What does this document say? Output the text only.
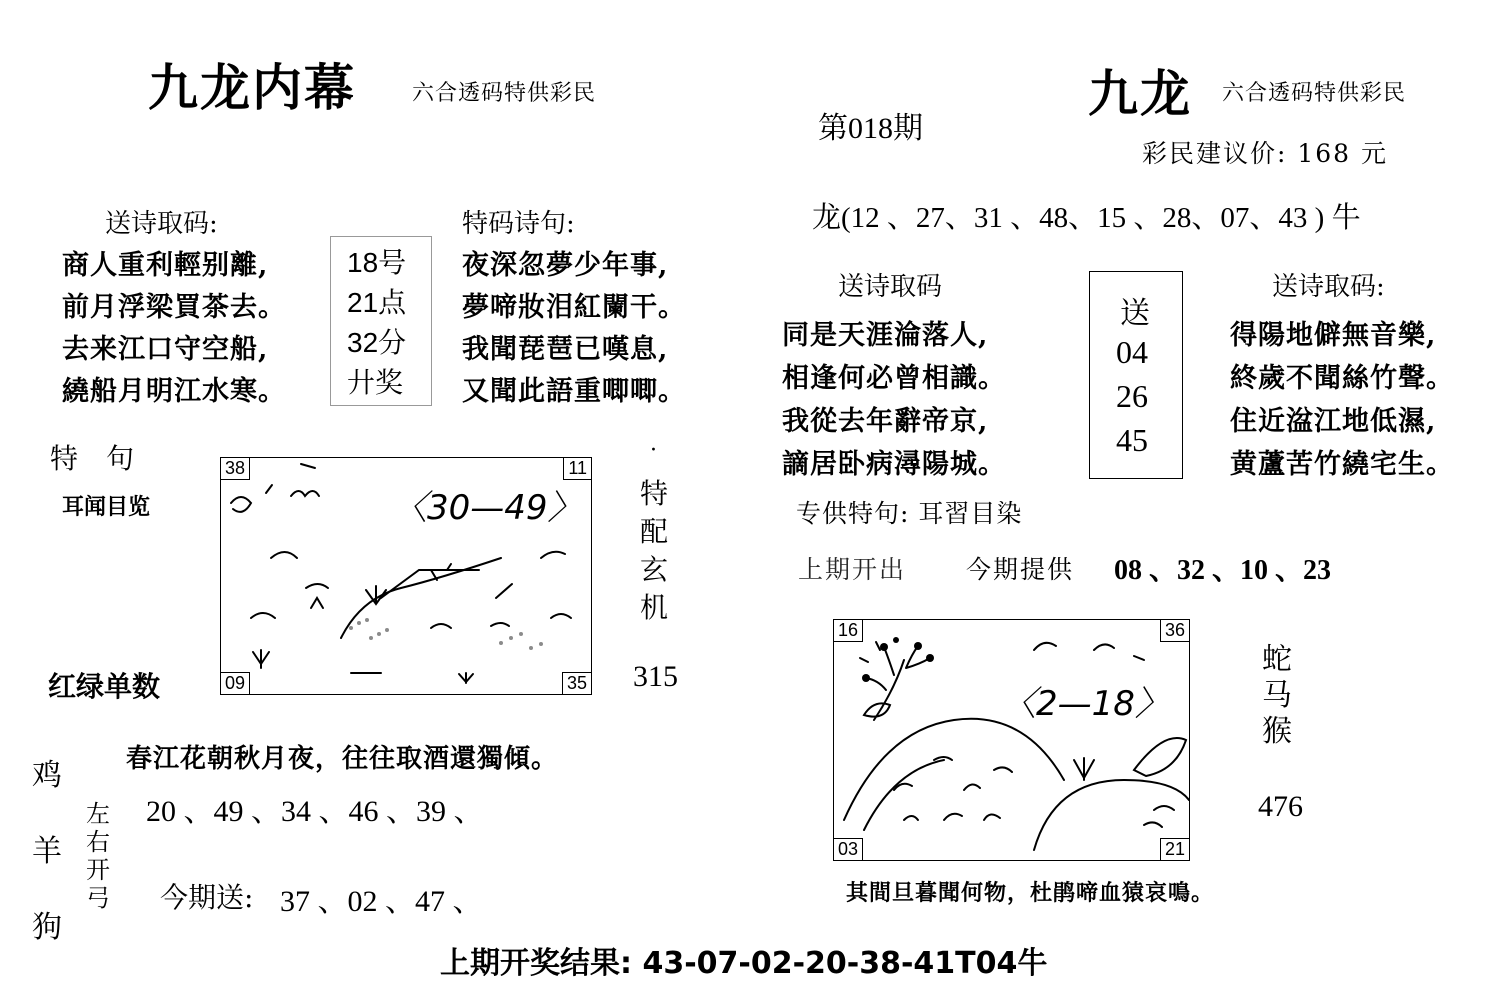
九龙内幕	六合透码特供彩民
送诗取码:
商人重利輕别離,
前月浮梁買茶去。
去来江口守空船,
繞船月明江水寒。
18号
21点
32分
廾奖
特码诗句:
夜深忽夢少年事,
夢啼妝泪紅闌干。
我聞琵琶已嘆息,
又聞此語重唧唧。
特　句
耳闻目览
红绿单数
〈30—49〉
38	11
09	35
·
特
配
玄
机
315
春江花朝秋月夜，往往取酒還獨傾。
鸡
羊
狗
左
右
开
弓
20 、49 、34 、46 、39 、
今期送: 37 、02 、47 、
第018期
九龙 六合透码特供彩民
彩民建议价: 168 元
龙(12 、27、31 、48、15 、28、07、43 ) 牛
送诗取码
同是天涯淪落人,
相逢何必曾相識。
我從去年辭帝京,
謫居卧病潯陽城。
送
04
26
45
送诗取码:
得陽地僻無音樂,
終歲不聞絲竹聲。
住近湓江地低濕,
黄蘆苦竹繞宅生。
专供特句: 耳習目染
上期开出 今期提供 08 、32 、10 、23
〈2—18〉
16	36
03	21
蛇
马
猴
476
其間旦暮聞何物，杜鹃啼血猿哀鳴。
上期开奖结果: 43-07-02-20-38-41T04牛
